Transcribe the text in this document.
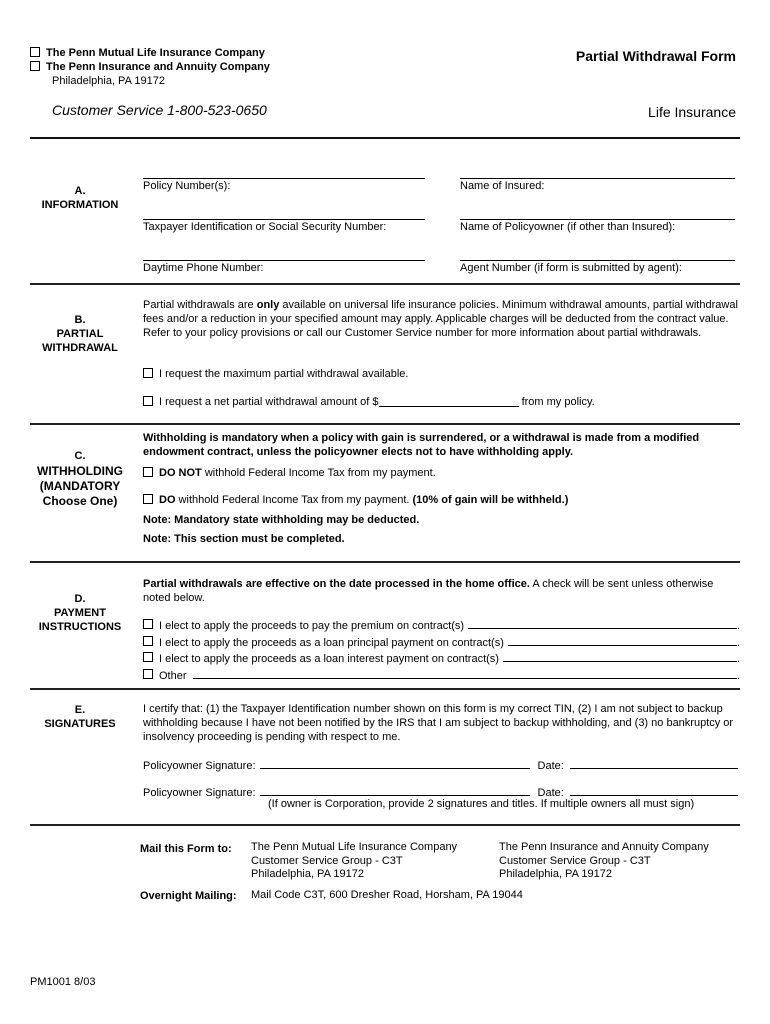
The Penn Mutual Life Insurance Company
The Penn Insurance and Annuity Company
Philadelphia, PA 19172
Partial Withdrawal Form
Customer Service 1-800-523-0650	Life Insurance
A.
INFORMATION
Policy Number(s):	Name of Insured:
Taxpayer Identification or Social Security Number:	Name of Policyowner (if other than Insured):
Daytime Phone Number:	Agent Number (if form is submitted by agent):
B.
PARTIAL
WITHDRAWAL
Partial withdrawals are only available on universal life insurance policies. Minimum withdrawal amounts, partial withdrawal fees and/or a reduction in your specified amount may apply. Applicable charges will be deducted from the contract value. Refer to your policy provisions or call our Customer Service number for more information about partial withdrawals.
I request the maximum partial withdrawal available.
I request a net partial withdrawal amount of $	from my policy.
C.
WITHHOLDING
(MANDATORY
Choose One)
Withholding is mandatory when a policy with gain is surrendered, or a withdrawal is made from a modified endowment contract, unless the policyowner elects not to have withholding apply.
DO NOT withhold Federal Income Tax from my payment.
DO withhold Federal Income Tax from my payment. (10% of gain will be withheld.)
Note: Mandatory state withholding may be deducted.
Note: This section must be completed.
D.
PAYMENT
INSTRUCTIONS
Partial withdrawals are effective on the date processed in the home office. A check will be sent unless otherwise noted below.
I elect to apply the proceeds to pay the premium on contract(s)	.
I elect to apply the proceeds as a loan principal payment on contract(s)	.
I elect to apply the proceeds as a loan interest payment on contract(s)	.
Other	.
E.
SIGNATURES
I certify that: (1) the Taxpayer Identification number shown on this form is my correct TIN, (2) I am not subject to backup withholding because I have not been notified by the IRS that I am subject to backup withholding, and (3) no bankruptcy or insolvency proceeding is pending with respect to me.
Policyowner Signature:	Date:
Policyowner Signature:	Date:
(If owner is Corporation, provide 2 signatures and titles. If multiple owners all must sign)
Mail this Form to: The Penn Mutual Life Insurance Company
Customer Service Group - C3T
Philadelphia, PA 19172
The Penn Insurance and Annuity Company
Customer Service Group - C3T
Philadelphia, PA 19172
Overnight Mailing: Mail Code C3T, 600 Dresher Road, Horsham, PA 19044
PM1001 8/03
